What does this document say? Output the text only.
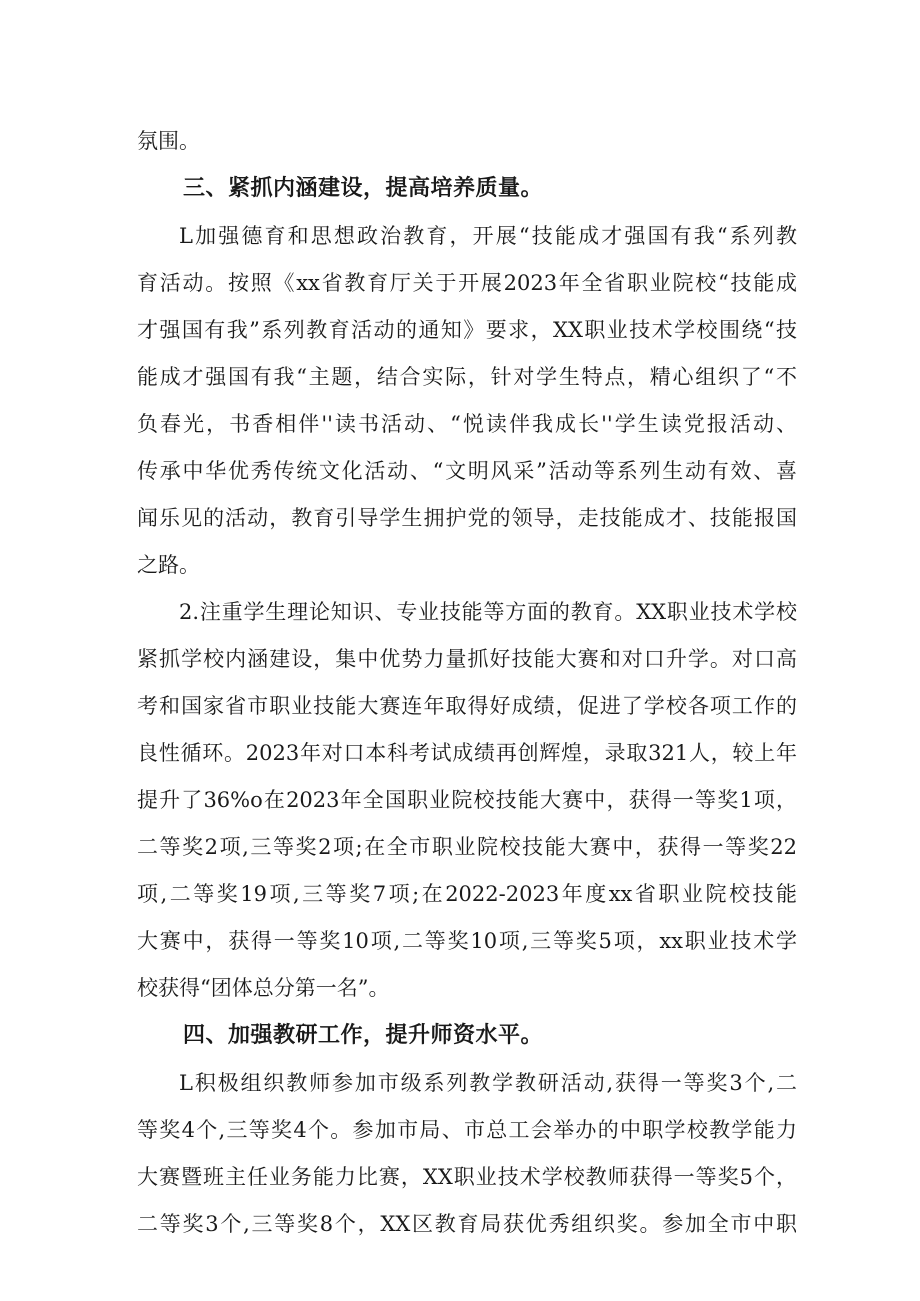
氛围。
三、紧抓内涵建设，提高培养质量。
L加强德育和思想政治教育，开展“技能成才强国有我“系列教
育活动。按照《xx省教育厅关于开展2023年全省职业院校“技能成
才强国有我”系列教育活动的通知》要求，XX职业技术学校围绕“技
能成才强国有我“主题，结合实际，针对学生特点，精心组织了“不
负春光，书香相伴''读书活动、“悦读伴我成长''学生读党报活动、
传承中华优秀传统文化活动、“文明风采”活动等系列生动有效、喜
闻乐见的活动，教育引导学生拥护党的领导，走技能成才、技能报国
之路。
2.注重学生理论知识、专业技能等方面的教育。XX职业技术学校
紧抓学校内涵建设，集中优势力量抓好技能大赛和对口升学。对口高
考和国家省市职业技能大赛连年取得好成绩，促进了学校各项工作的
良性循环。2023年对口本科考试成绩再创辉煌，录取321人，较上年
提升了36%o在2023年全国职业院校技能大赛中，获得一等奖1项，
二等奖2项,三等奖2项;在全市职业院校技能大赛中，获得一等奖22
项,二等奖19项,三等奖7项;在2022-2023年度xx省职业院校技能
大赛中，获得一等奖10项,二等奖10项,三等奖5项，xx职业技术学
校获得“团体总分第一名”。
四、加强教研工作，提升师资水平。
L积极组织教师参加市级系列教学教研活动,获得一等奖3个,二
等奖4个,三等奖4个。参加市局、市总工会举办的中职学校教学能力
大赛暨班主任业务能力比赛，XX职业技术学校教师获得一等奖5个，
二等奖3个,三等奖8个，XX区教育局获优秀组织奖。参加全市中职
